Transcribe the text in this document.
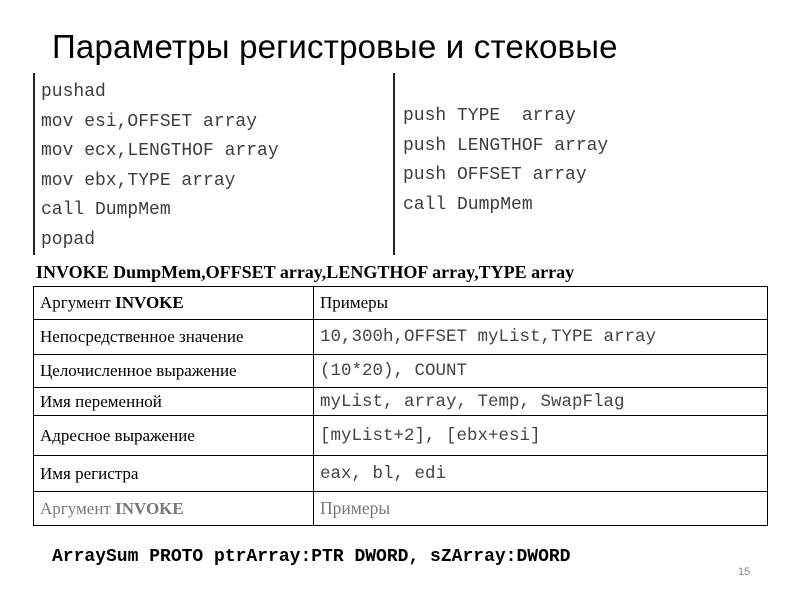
Параметры регистровые и стековые
pushad
mov esi,OFFSET array
mov ecx,LENGTHOF array
mov ebx,TYPE array
call DumpMem
popad
push TYPE  array
push LENGTHOF array
push OFFSET array
call DumpMem
INVOKE DumpMem,OFFSET array,LENGTHOF array,TYPE array
Аргумент INVOKE	Примеры
Непосредственное значение	10,300h,OFFSET myList,TYPE array
Целочисленное выражение	(10*20), COUNT
Имя переменной	myList, array, Temp, SwapFlag
Адресное выражение	[myList+2], [ebx+esi]
Имя регистра	eax, bl, edi
Аргумент INVOKE	Примеры
ArraySum PROTO ptrArray:PTR DWORD, sZArray:DWORD
15
